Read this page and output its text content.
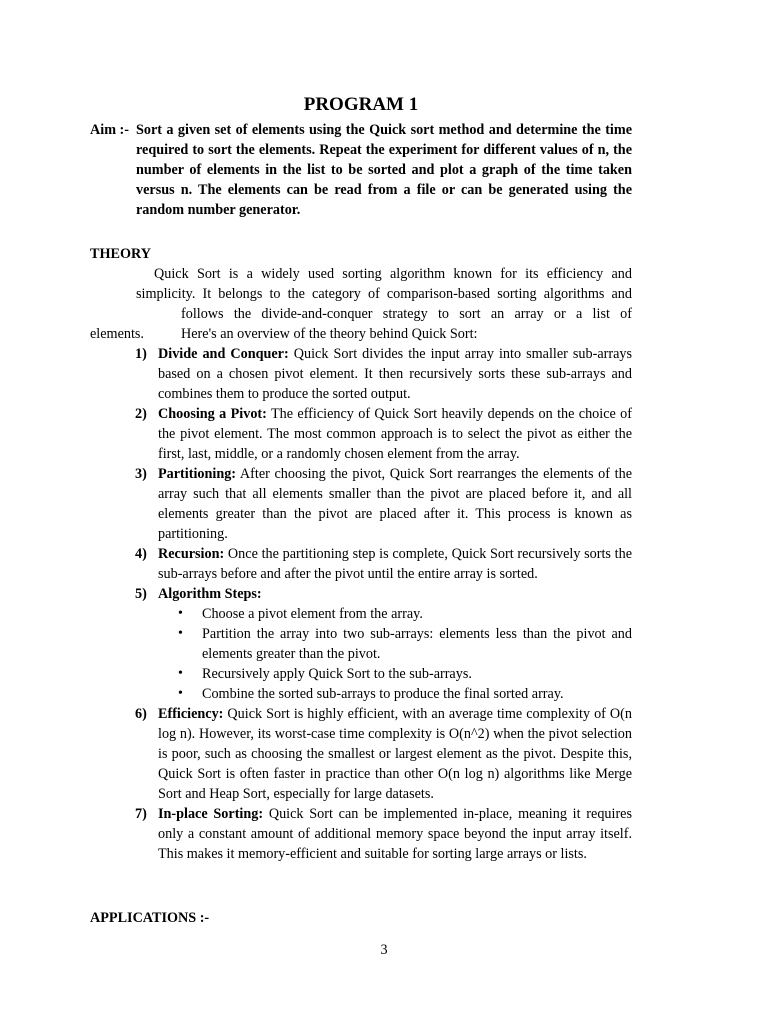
PROGRAM 1
Aim :- Sort a given set of elements using the Quick sort method and determine the time required to sort the elements. Repeat the experiment for different values of n, the number of elements in the list to be sorted and plot a graph of the time taken versus n. The elements can be read from a file or can be generated using the random number generator.
THEORY
Quick Sort is a widely used sorting algorithm known for its efficiency and
simplicity. It belongs to the category of comparison-based sorting algorithms and
follows the divide-and-conquer strategy to sort an array or a list of
elements.	Here's an overview of the theory behind Quick Sort:
1) Divide and Conquer: Quick Sort divides the input array into smaller sub-arrays based on a chosen pivot element. It then recursively sorts these sub-arrays and combines them to produce the sorted output.
2) Choosing a Pivot: The efficiency of Quick Sort heavily depends on the choice of the pivot element. The most common approach is to select the pivot as either the first, last, middle, or a randomly chosen element from the array.
3) Partitioning: After choosing the pivot, Quick Sort rearranges the elements of the array such that all elements smaller than the pivot are placed before it, and all elements greater than the pivot are placed after it. This process is known as partitioning.
4) Recursion: Once the partitioning step is complete, Quick Sort recursively sorts the sub-arrays before and after the pivot until the entire array is sorted.
5) Algorithm Steps:
• Choose a pivot element from the array.
• Partition the array into two sub-arrays: elements less than the pivot and elements greater than the pivot.
• Recursively apply Quick Sort to the sub-arrays.
• Combine the sorted sub-arrays to produce the final sorted array.
6) Efficiency: Quick Sort is highly efficient, with an average time complexity of O(n log n). However, its worst-case time complexity is O(n^2) when the pivot selection is poor, such as choosing the smallest or largest element as the pivot. Despite this, Quick Sort is often faster in practice than other O(n log n) algorithms like Merge Sort and Heap Sort, especially for large datasets.
7) In-place Sorting: Quick Sort can be implemented in-place, meaning it requires only a constant amount of additional memory space beyond the input array itself. This makes it memory-efficient and suitable for sorting large arrays or lists.
APPLICATIONS :-
3
